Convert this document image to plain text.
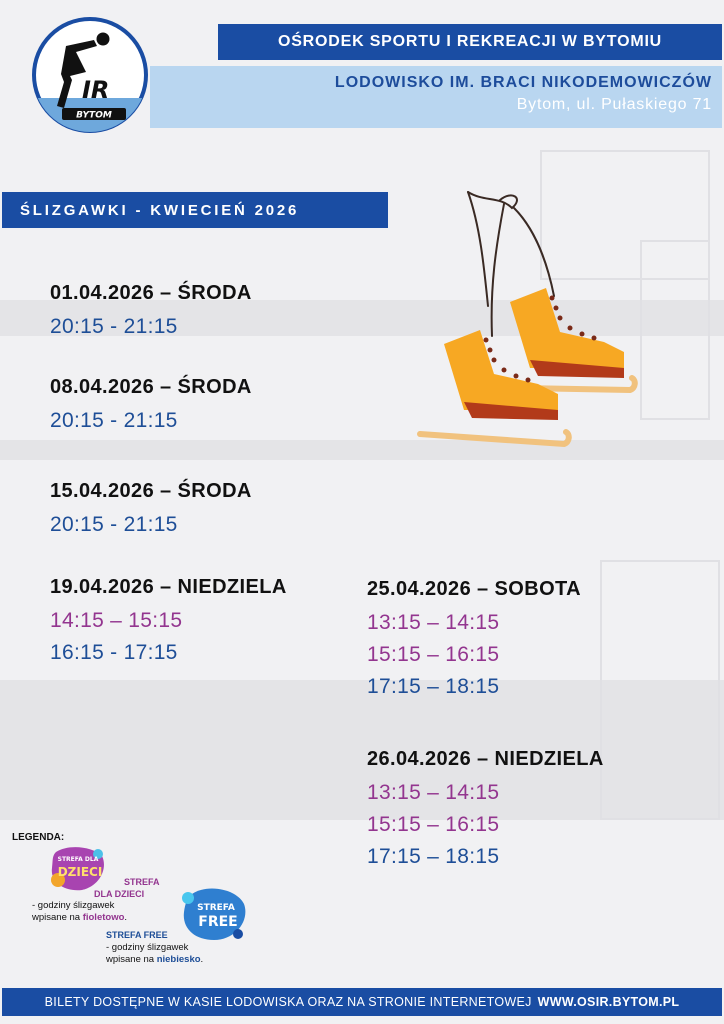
IR
BYTOM
OŚRODEK SPORTU I REKREACJI W BYTOMIU
LODOWISKO IM. BRACI NIKODEMOWICZÓW
Bytom, ul. Pułaskiego 71
ŚLIZGAWKI - KWIECIEŃ 2026
01.04.2026 – ŚRODA
20:15 - 21:15
08.04.2026 – ŚRODA
20:15 - 21:15
15.04.2026 – ŚRODA
20:15 - 21:15
19.04.2026 – NIEDZIELA
14:15 – 15:15
16:15 - 17:15
25.04.2026 – SOBOTA
13:15 – 14:15
15:15 – 16:15
17:15 – 18:15
26.04.2026 – NIEDZIELA
13:15 – 14:15
15:15 – 16:15
17:15 – 18:15
LEGENDA:
STREFA DLA
DZIECI
STREFA
DLA DZIECI
- godziny ślizgawek
wpisane na fioletowo.
STREFA
FREE
STREFA FREE
- godziny ślizgawek
wpisane na niebiesko.
BILETY DOSTĘPNE W KASIE LODOWISKA ORAZ NA STRONIE INTERNETOWEJ WWW.OSIR.BYTOM.PL
